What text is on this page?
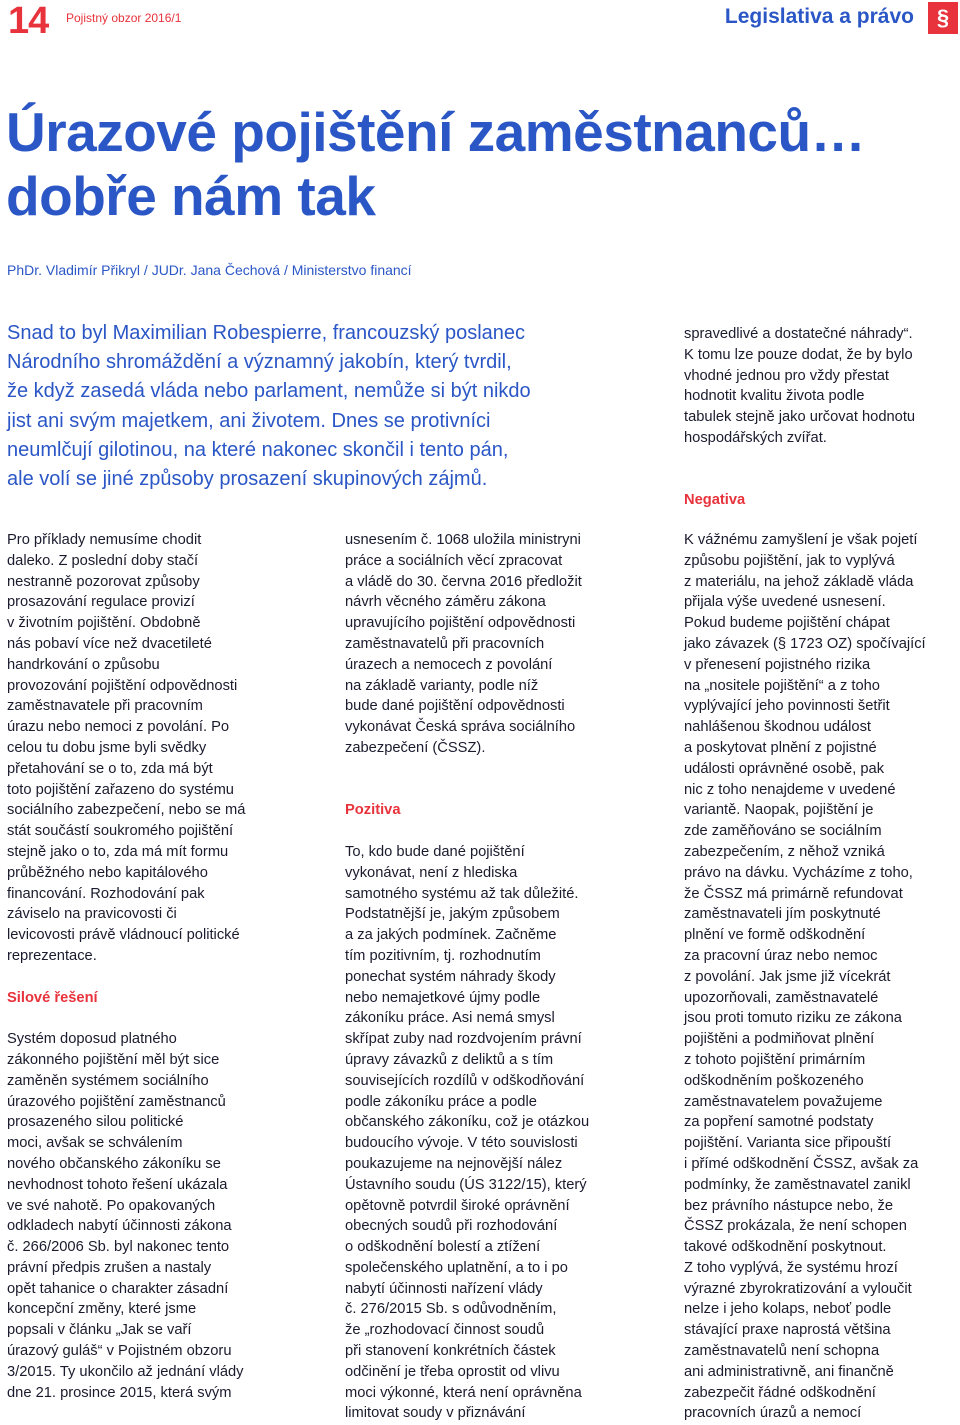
14 Pojistný obzor 2016/1	Legislativa a právo	§
Úrazové pojištění zaměstnanců…
dobře nám tak
PhDr. Vladimír Přikryl / JUDr. Jana Čechová / Ministerstvo financí
Snad to byl Maximilian Robespierre, francouzský poslanec
Národního shromáždění a významný jakobín, který tvrdil,
že když zasedá vláda nebo parlament, nemůže si být nikdo
jist ani svým majetkem, ani životem. Dnes se protivníci
neumlčují gilotinou, na které nakonec skončil i tento pán,
ale volí se jiné způsoby prosazení skupinových zájmů.

spravedlivé a dostatečné náhrady“.
K tomu lze pouze dodat, že by bylo
vhodné jednou pro vždy přestat
hodnotit kvalitu života podle
tabulek stejně jako určovat hodnotu
hospodářských zvířat.

Negativa

Pro příklady nemusíme chodit
daleko. Z poslední doby stačí
nestranně pozorovat způsoby
prosazování regulace provizí
v životním pojištění. Obdobně
nás pobaví více než dvacetileté
handrkování o způsobu
provozování pojištění odpovědnosti
zaměstnavatele při pracovním
úrazu nebo nemoci z povolání. Po
celou tu dobu jsme byli svědky
přetahování se o to, zda má být
toto pojištění zařazeno do systému
sociálního zabezpečení, nebo se má
stát součástí soukromého pojištění
stejně jako o to, zda má mít formu
průběžného nebo kapitálového
financování. Rozhodování pak
záviselo na pravicovosti či
levicovosti právě vládnoucí politické
reprezentace.

Silové řešení

Systém doposud platného
zákonného pojištění měl být sice
zaměněn systémem sociálního
úrazového pojištění zaměstnanců
prosazeného silou politické
moci, avšak se schválením
nového občanského zákoníku se
nevhodnost tohoto řešení ukázala
ve své nahotě. Po opakovaných
odkladech nabytí účinnosti zákona
č. 266/2006 Sb. byl nakonec tento
právní předpis zrušen a nastaly
opět tahanice o charakter zásadní
koncepční změny, které jsme
popsali v článku „Jak se vaří
úrazový guláš“ v Pojistném obzoru
3/2015. Ty ukončilo až jednání vlády
dne 21. prosince 2015, která svým

usnesením č. 1068 uložila ministryni
práce a sociálních věcí zpracovat
a vládě do 30. června 2016 předložit
návrh věcného záměru zákona
upravujícího pojištění odpovědnosti
zaměstnavatelů při pracovních
úrazech a nemocech z povolání
na základě varianty, podle níž
bude dané pojištění odpovědnosti
vykonávat Česká správa sociálního
zabezpečení (ČSSZ).

Pozitiva

To, kdo bude dané pojištění
vykonávat, není z hlediska
samotného systému až tak důležité.
Podstatnější je, jakým způsobem
a za jakých podmínek. Začněme
tím pozitivním, tj. rozhodnutím
ponechat systém náhrady škody
nebo nemajetkové újmy podle
zákoníku práce. Asi nemá smysl
skřípat zuby nad rozdvojením právní
úpravy závazků z deliktů a s tím
souvisejících rozdílů v odškodňování
podle zákoníku práce a podle
občanského zákoníku, což je otázkou
budoucího vývoje. V této souvislosti
poukazujeme na nejnovější nález
Ústavního soudu (ÚS 3122/15), který
opětovně potvrdil široké oprávnění
obecných soudů při rozhodování
o odškodnění bolestí a ztížení
společenského uplatnění, a to i po
nabytí účinnosti nařízení vlády
č. 276/2015 Sb. s odůvodněním,
že „rozhodovací činnost soudů
při stanovení konkrétních částek
odčinění je třeba oprostit od vlivu
moci výkonné, která není oprávněna
limitovat soudy v přiznávání

K vážnému zamyšlení je však pojetí
způsobu pojištění, jak to vyplývá
z materiálu, na jehož základě vláda
přijala výše uvedené usnesení.
Pokud budeme pojištění chápat
jako závazek (§ 1723 OZ) spočívající
v přenesení pojistného rizika
na „nositele pojištění“ a z toho
vyplývající jeho povinnosti šetřit
nahlášenou škodnou událost
a poskytovat plnění z pojistné
události oprávněné osobě, pak
nic z toho nenajdeme v uvedené
variantě. Naopak, pojištění je
zde zaměňováno se sociálním
zabezpečením, z něhož vzniká
právo na dávku. Vycházíme z toho,
že ČSSZ má primárně refundovat
zaměstnavateli jím poskytnuté
plnění ve formě odškodnění
za pracovní úraz nebo nemoc
z povolání. Jak jsme již vícekrát
upozorňovali, zaměstnavatelé
jsou proti tomuto riziku ze zákona
pojištěni a podmiňovat plnění
z tohoto pojištění primárním
odškodněním poškozeného
zaměstnavatelem považujeme
za popření samotné podstaty
pojištění. Varianta sice připouští
i přímé odškodnění ČSSZ, avšak za
podmínky, že zaměstnavatel zanikl
bez právního nástupce nebo, že
ČSSZ prokázala, že není schopen
takové odškodnění poskytnout.
Z toho vyplývá, že systému hrozí
výrazné zbyrokratizování a vyloučit
nelze i jeho kolaps, neboť podle
stávající praxe naprostá většina
zaměstnavatelů není schopna
ani administrativně, ani finančně
zabezpečit řádné odškodnění
pracovních úrazů a nemocí
